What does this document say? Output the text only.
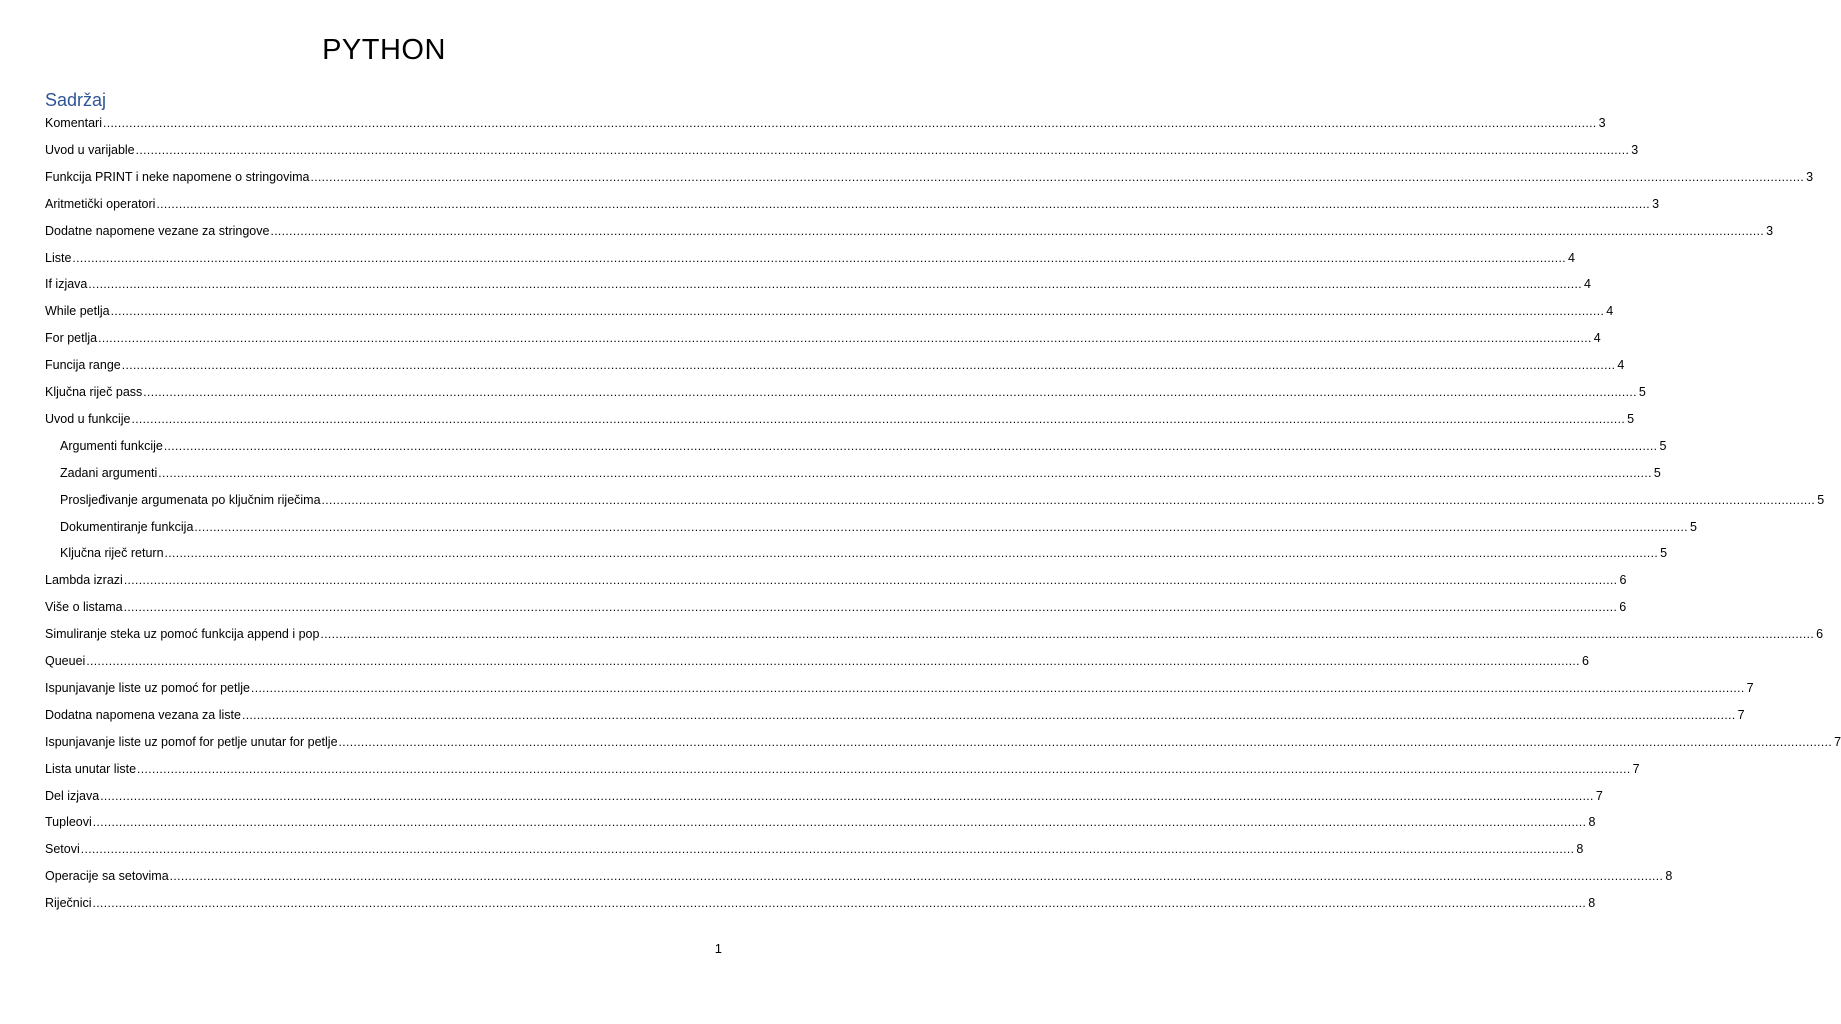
PYTHON
Sadržaj
Komentari ................................................................................................................................................................................................................................................................................................................................................................................................................ 3
Uvod u varijable ................................................................................................................................................................................................................................................................................................................................................................................................................ 3
Funkcija PRINT i neke napomene o stringovima ................................................................................................................................................................................................................................................................................................................................................................................................................ 3
Aritmetički operatori ................................................................................................................................................................................................................................................................................................................................................................................................................ 3
Dodatne napomene vezane za stringove ................................................................................................................................................................................................................................................................................................................................................................................................................ 3
Liste ................................................................................................................................................................................................................................................................................................................................................................................................................ 4
If izjava ................................................................................................................................................................................................................................................................................................................................................................................................................ 4
While petlja ................................................................................................................................................................................................................................................................................................................................................................................................................ 4
For petlja ................................................................................................................................................................................................................................................................................................................................................................................................................ 4
Funcija range ................................................................................................................................................................................................................................................................................................................................................................................................................ 4
Ključna riječ pass ................................................................................................................................................................................................................................................................................................................................................................................................................ 5
Uvod u funkcije ................................................................................................................................................................................................................................................................................................................................................................................................................ 5
Argumenti funkcije ................................................................................................................................................................................................................................................................................................................................................................................................................ 5
Zadani argumenti ................................................................................................................................................................................................................................................................................................................................................................................................................ 5
Prosljeđivanje argumenata po ključnim riječima ................................................................................................................................................................................................................................................................................................................................................................................................................ 5
Dokumentiranje funkcija ................................................................................................................................................................................................................................................................................................................................................................................................................ 5
Ključna riječ return ................................................................................................................................................................................................................................................................................................................................................................................................................ 5
Lambda izrazi ................................................................................................................................................................................................................................................................................................................................................................................................................ 6
Više o listama ................................................................................................................................................................................................................................................................................................................................................................................................................ 6
Simuliranje steka uz pomoć funkcija append i pop ................................................................................................................................................................................................................................................................................................................................................................................................................ 6
Queuei ................................................................................................................................................................................................................................................................................................................................................................................................................ 6
Ispunjavanje liste uz pomoć for petlje ................................................................................................................................................................................................................................................................................................................................................................................................................ 7
Dodatna napomena vezana za liste ................................................................................................................................................................................................................................................................................................................................................................................................................ 7
Ispunjavanje liste uz pomof for petlje unutar for petlje ................................................................................................................................................................................................................................................................................................................................................................................................................ 7
Lista unutar liste ................................................................................................................................................................................................................................................................................................................................................................................................................ 7
Del izjava ................................................................................................................................................................................................................................................................................................................................................................................................................ 7
Tupleovi ................................................................................................................................................................................................................................................................................................................................................................................................................ 8
Setovi ................................................................................................................................................................................................................................................................................................................................................................................................................ 8
Operacije sa setovima ................................................................................................................................................................................................................................................................................................................................................................................................................ 8
Riječnici ................................................................................................................................................................................................................................................................................................................................................................................................................ 8
1
